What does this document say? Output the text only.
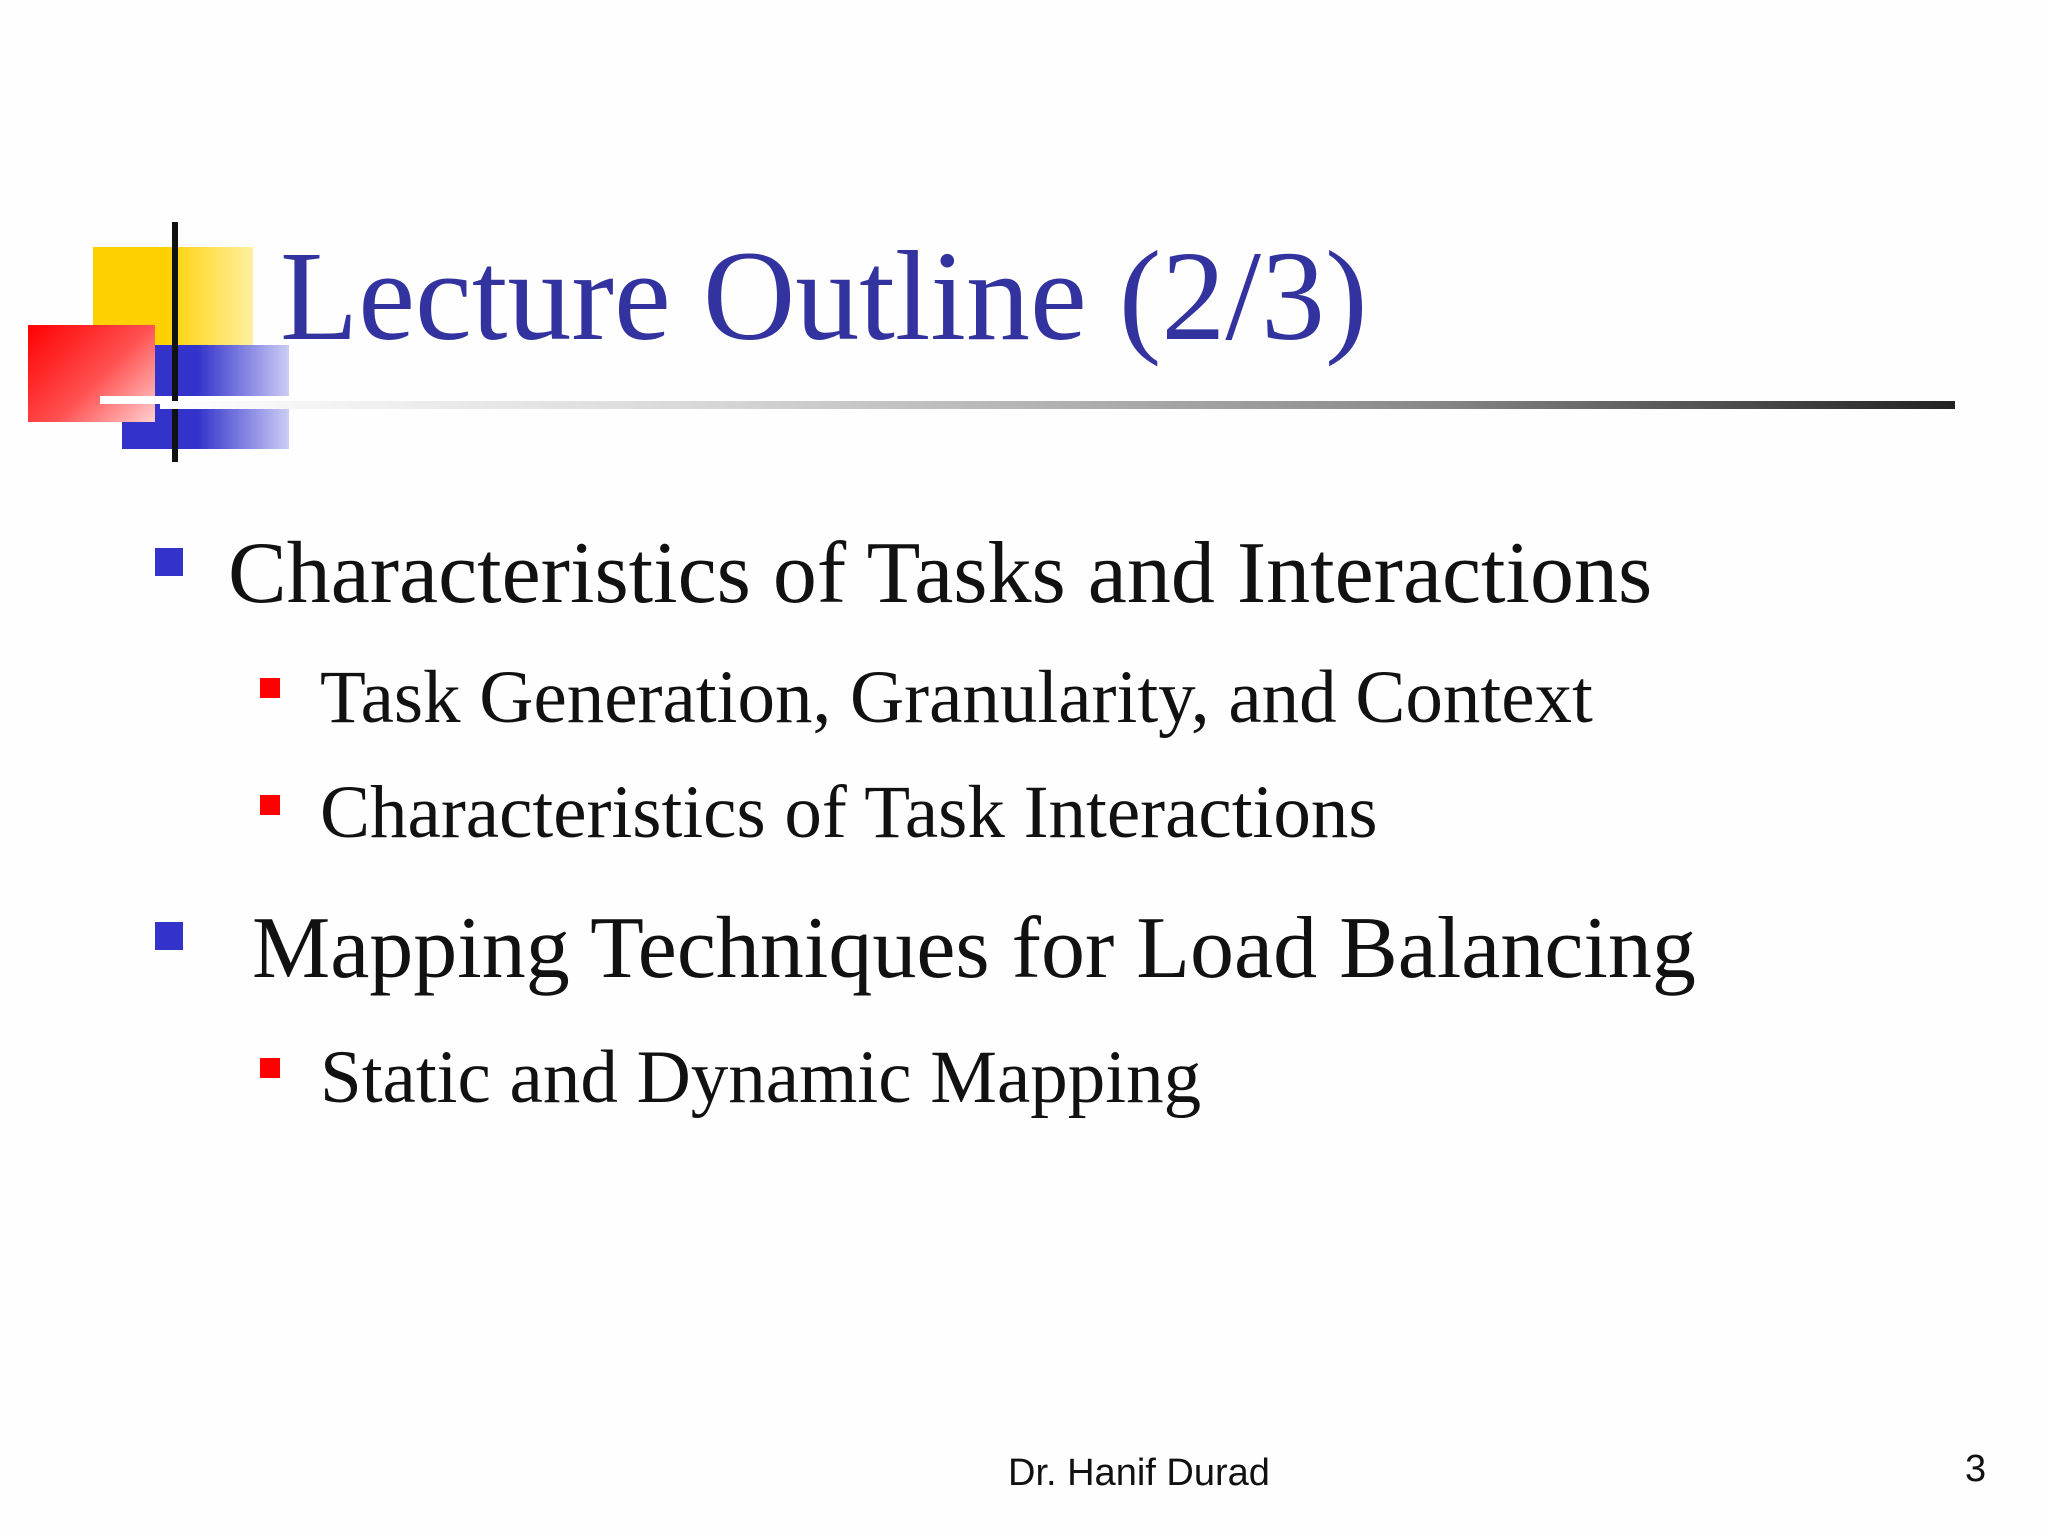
Lecture Outline (2/3)
Characteristics of Tasks and Interactions
Task Generation, Granularity, and Context
Characteristics of Task Interactions
Mapping Techniques for Load Balancing
Static and Dynamic Mapping
Dr. Hanif Durad	3
